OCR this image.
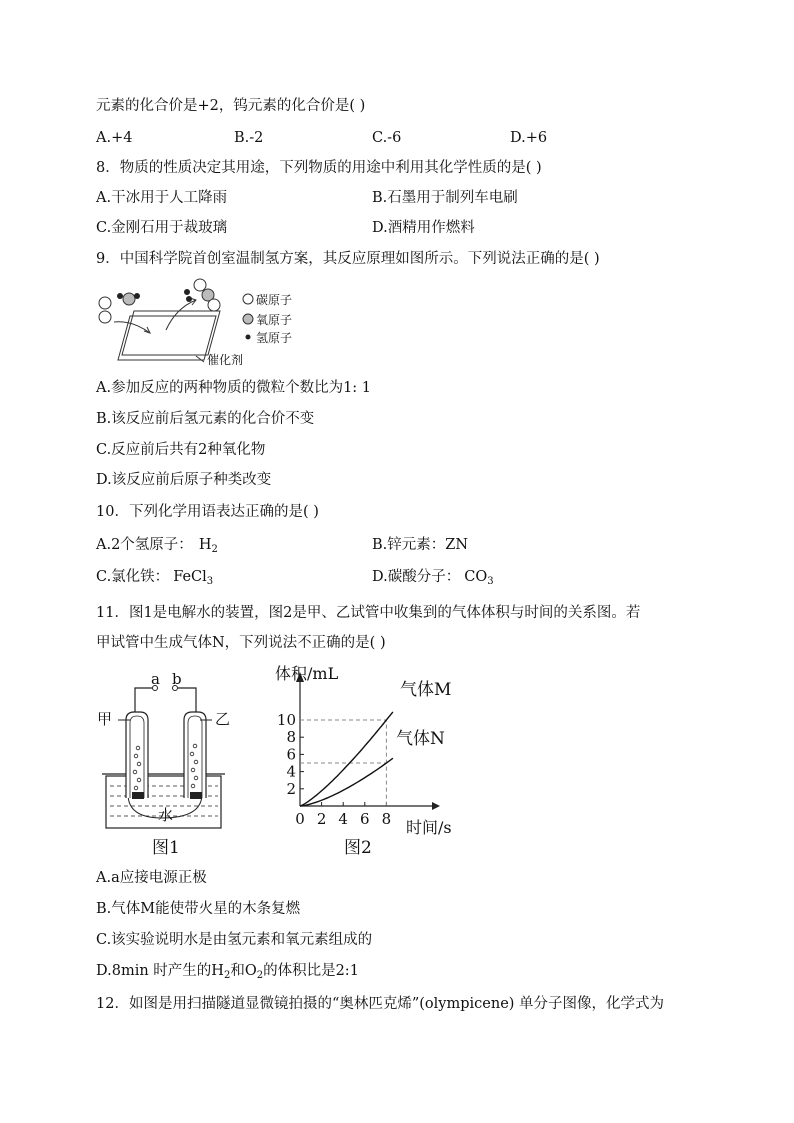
元素的化合价是+2，钨元素的化合价是( )
A.+4	B.-2	C.-6	D.+6
8．物质的性质决定其用途，下列物质的用途中利用其化学性质的是( )
A.干冰用于人工降雨	B.石墨用于制列车电刷
C.金刚石用于裁玻璃	D.酒精用作燃料
9．中国科学院首创室温制氢方案，其反应原理如图所示。下列说法正确的是( )
碳原子
氧原子
氢原子
催化剂
A.参加反应的两种物质的微粒个数比为1: 1
B.该反应前后氢元素的化合价不变
C.反应前后共有2种氧化物
D.该反应前后原子种类改变
10．下列化学用语表达正确的是( )
A.2个氢原子： $H_2$	B.锌元素：ZN
C.氯化铁： FeCl$_3$	D.碳酸分子： $CO_3$
11．图1是电解水的装置，图2是甲、乙试管中收集到的气体体积与时间的关系图。若
甲试管中生成气体N，下列说法不正确的是( )
a b
甲	乙
水
图1
10
8
6
4
2
0 2 4 6 8
体积/mL
时间/s
气体M
气体N
图2
A.a应接电源正极
B.气体M能使带火星的木条复燃
C.该实验说明水是由氢元素和氧元素组成的
D.8min 时产生的$H_2$和$O_2$的体积比是2:1
12．如图是用扫描隧道显微镜拍摄的“奥林匹克烯”(olympicene) 单分子图像，化学式为
